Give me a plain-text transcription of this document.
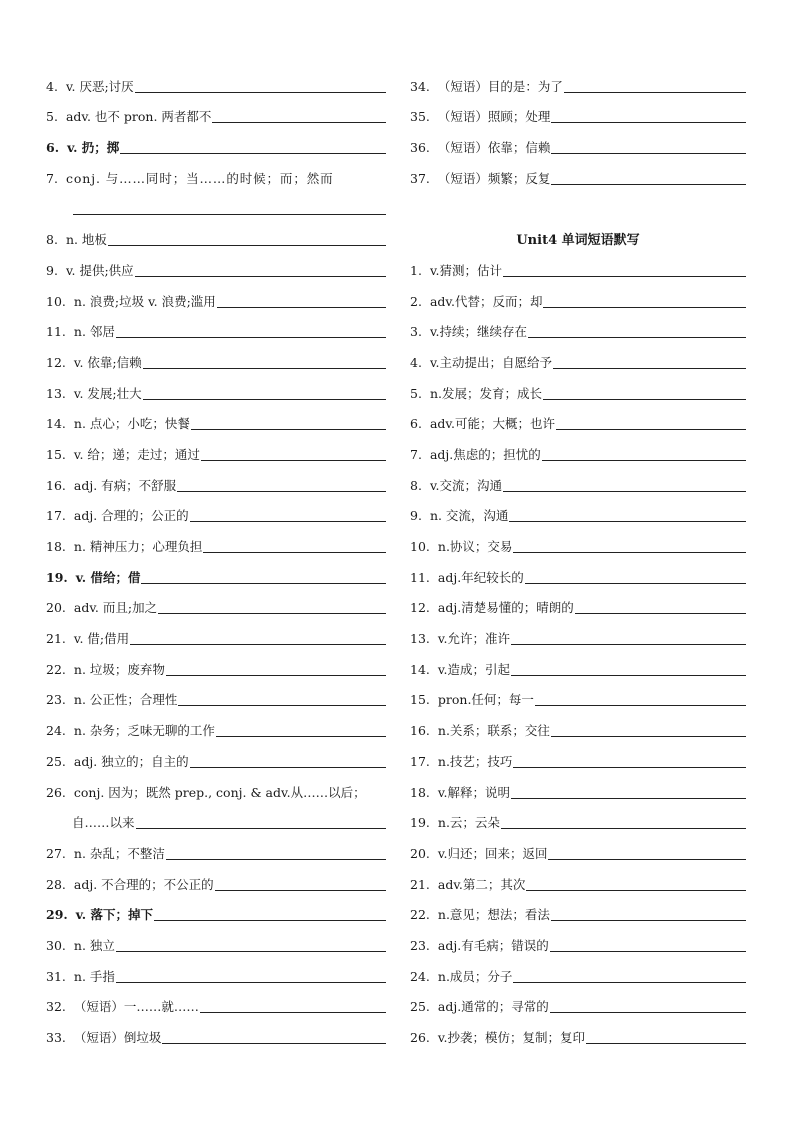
4. v. 厌恶;讨厌
5. adv. 也不 pron. 两者都不
6. v. 扔；掷
7. conj. 与……同时；当……的时候；而；然而
8. n. 地板
9. v. 提供;供应
10. n. 浪费;垃圾 v. 浪费;滥用
11. n. 邻居
12. v. 依靠;信赖
13. v. 发展;壮大
14. n. 点心；小吃；快餐
15. v. 给；递；走过；通过
16. adj. 有病；不舒服
17. adj. 合理的；公正的
18. n. 精神压力；心理负担
19. v. 借给；借
20. adv. 而且;加之
21. v. 借;借用
22. n. 垃圾；废弃物
23. n. 公正性；合理性
24. n. 杂务；乏味无聊的工作
25. adj. 独立的；自主的
26. conj. 因为；既然 prep., conj. & adv.从……以后；
自……以来
27. n. 杂乱；不整洁
28. adj. 不合理的；不公正的
29. v. 落下；掉下
30. n. 独立
31. n. 手指
32. （短语）一……就……
33. （短语）倒垃圾
34. （短语）目的是：为了
35. （短语）照顾；处理
36. （短语）依靠；信赖
37. （短语）频繁；反复
Unit4 单词短语默写
1. v.猜测；估计
2. adv.代替；反而；却
3. v.持续；继续存在
4. v.主动提出；自愿给予
5. n.发展；发育；成长
6. adv.可能；大概；也许
7. adj.焦虑的；担忧的
8. v.交流；沟通
9. n. 交流，沟通
10. n.协议；交易
11. adj.年纪较长的
12. adj.清楚易懂的；晴朗的
13. v.允许；准许
14. v.造成；引起
15. pron.任何；每一
16. n.关系；联系；交往
17. n.技艺；技巧
18. v.解释；说明
19. n.云；云朵
20. v.归还；回来；返回
21. adv.第二；其次
22. n.意见；想法；看法
23. adj.有毛病；错误的
24. n.成员；分子
25. adj.通常的；寻常的
26. v.抄袭；模仿；复制；复印
